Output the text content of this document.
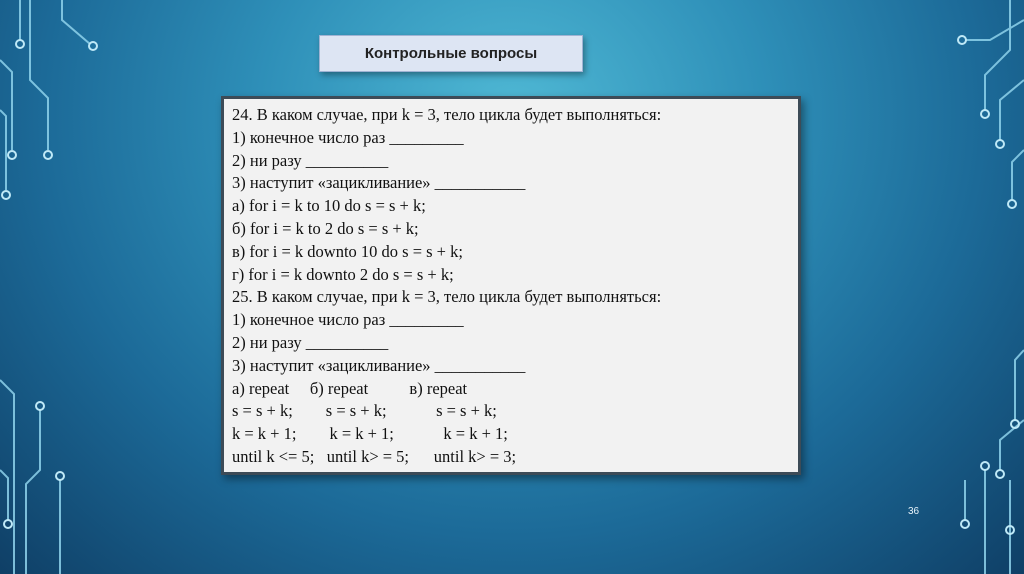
Контрольные вопросы
24. В каком случае, при k = 3, тело цикла будет выполняться:
1) конечное число раз _________
2) ни разу __________
3) наступит «зацикливание» ___________
а) for i = k to 10 do s = s + k;
б) for i = k to 2 do s = s + k;
в) for i = k downto 10 do s = s + k;
г) for i = k downto 2 do s = s + k;
25. В каком случае, при k = 3, тело цикла будет выполняться:
1) конечное число раз _________
2) ни разу __________
3) наступит «зацикливание» ___________
а) repeat     б) repeat          в) repeat
s = s + k;        s = s + k;            s = s + k;
k = k + 1;        k = k + 1;            k = k + 1;
until k <= 5;   until k> = 5;      until k> = 3;
36
